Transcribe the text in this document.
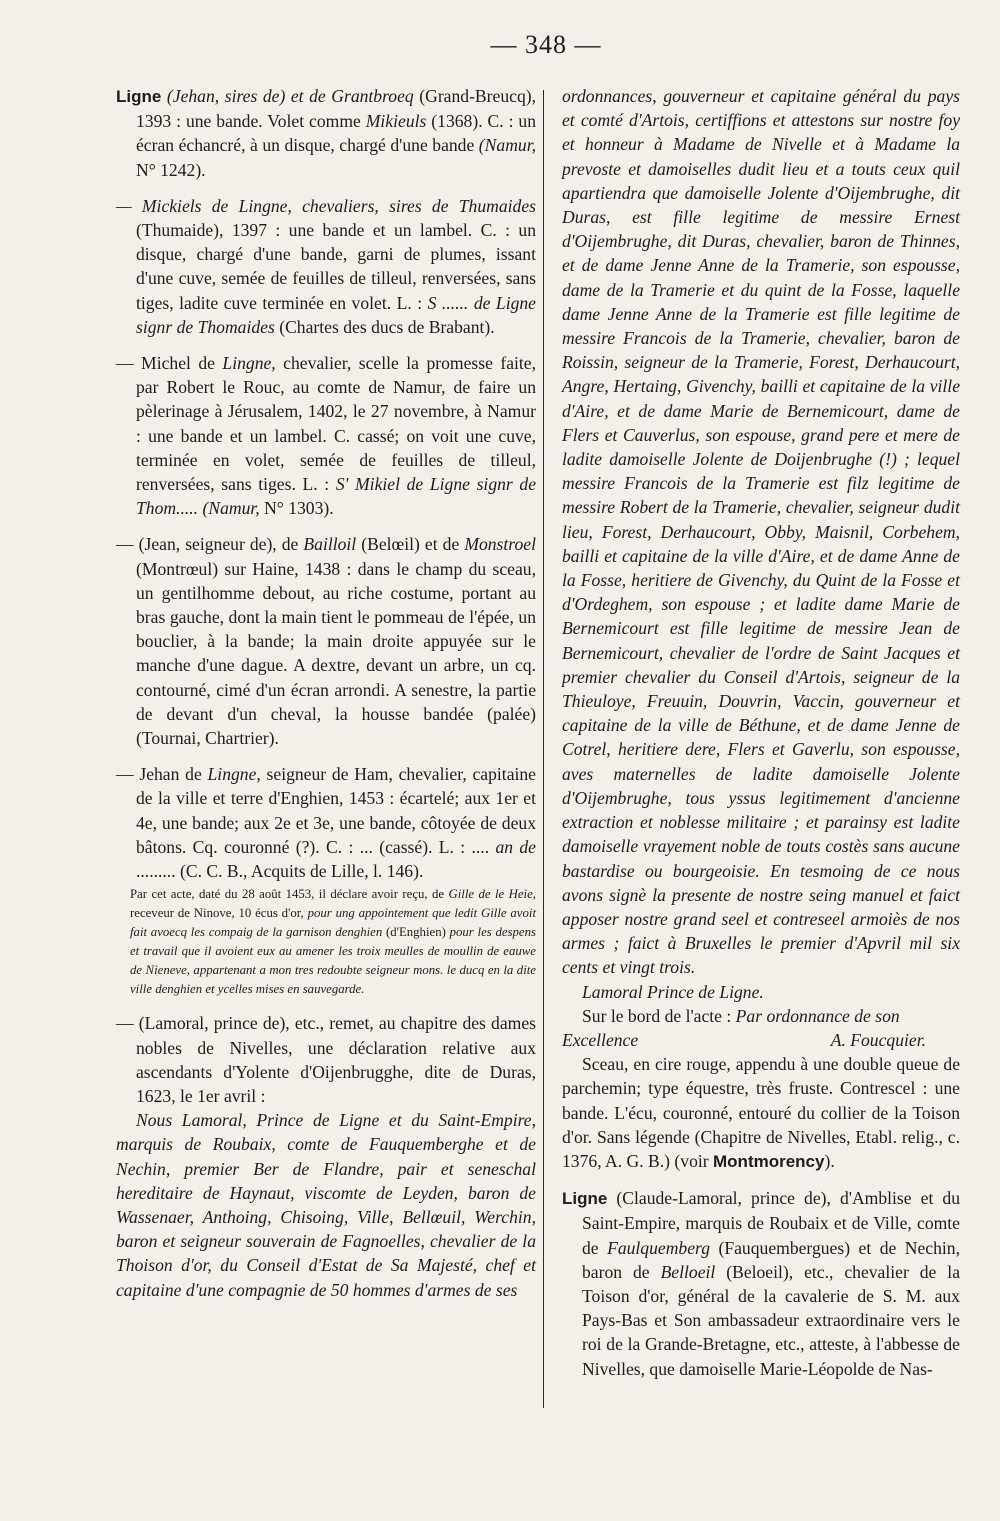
— 348 —

Ligne (Jehan, sires de) et de Grantbroeq (Grand-Breucq), 1393 : une bande. Volet comme Mikieuls (1368). C. : un écran échancré, à un disque, chargé d'une bande (Namur, N° 1242).

— Mickiels de Lingne, chevaliers, sires de Thumaides (Thumaide), 1397 : une bande et un lambel. C. : un disque, chargé d'une bande, garni de plumes, issant d'une cuve, semée de feuilles de tilleul, renversées, sans tiges, ladite cuve terminée en volet. L. : S ...... de Ligne signr de Thomaides (Chartes des ducs de Brabant).

— Michel de Lingne, chevalier, scelle la promesse faite, par Robert le Rouc, au comte de Namur, de faire un pèlerinage à Jérusalem, 1402, le 27 novembre, à Namur : une bande et un lambel. C. cassé; on voit une cuve, terminée en volet, semée de feuilles de tilleul, renversées, sans tiges. L. : S' Mikiel de Ligne signr de Thom..... (Namur, N° 1303).

— (Jean, seigneur de), de Bailloil (Belœil) et de Monstroel (Montrœul) sur Haine, 1438 : dans le champ du sceau, un gentilhomme debout, au riche costume, portant au bras gauche, dont la main tient le pommeau de l'épée, un bouclier, à la bande; la main droite appuyée sur le manche d'une dague. A dextre, devant un arbre, un cq. contourné, cimé d'un écran arrondi. A senestre, la partie de devant d'un cheval, la housse bandée (palée) (Tournai, Chartrier).

— Jehan de Lingne, seigneur de Ham, chevalier, capitaine de la ville et terre d'Enghien, 1453 : écartelé; aux 1er et 4e, une bande; aux 2e et 3e, une bande, côtoyée de deux bâtons. Cq. couronné (?). C. : ... (cassé). L. : .... an de ......... (C. C. B., Acquits de Lille, l. 146).

Par cet acte, daté du 28 août 1453, il déclare avoir reçu, de Gille de le Heie, receveur de Ninove, 10 écus d'or, pour ung appointement que ledit Gille avoit fait avoecq les compaig de la garnison denghien (d'Enghien) pour les despens et travail que il avoient eux au amener les troix meulles de moullin de eauwe de Nieneve, appartenant a mon tres redoubte seigneur mons. le ducq en la dite ville denghien et ycelles mises en sauvegarde.

— (Lamoral, prince de), etc., remet, au chapitre des dames nobles de Nivelles, une déclaration relative aux ascendants d'Yolente d'Oijenbrugghe, dite de Duras, 1623, le 1er avril :

Nous Lamoral, Prince de Ligne et du Saint-Empire, marquis de Roubaix, comte de Fauquemberghe et de Nechin, premier Ber de Flandre, pair et seneschal hereditaire de Haynaut, viscomte de Leyden, baron de Wassenaer, Anthoing, Chisoing, Ville, Bellœuil, Werchin, baron et seigneur souverain de Fagnoelles, chevalier de la Thoison d'or, du Conseil d'Estat de Sa Majesté, chef et capitaine d'une compagnie de 50 hommes d'armes de ses

ordonnances, gouverneur et capitaine général du pays et comté d'Artois, certiffions et attestons sur nostre foy et honneur à Madame de Nivelle et à Madame la prevoste et damoiselles dudit lieu et a touts ceux quil apartiendra que damoiselle Jolente d'Oijembrughe, dit Duras, est fille legitime de messire Ernest d'Oijembrughe, dit Duras, chevalier, baron de Thinnes, et de dame Jenne Anne de la Tramerie, son espousse, dame de la Tramerie et du quint de la Fosse, laquelle dame Jenne Anne de la Tramerie est fille legitime de messire Francois de la Tramerie, chevalier, baron de Roissin, seigneur de la Tramerie, Forest, Derhaucourt, Angre, Hertaing, Givenchy, bailli et capitaine de la ville d'Aire, et de dame Marie de Bernemicourt, dame de Flers et Cauverlus, son espouse, grand pere et mere de ladite damoiselle Jolente de Doijenbrughe (!) ; lequel messire Francois de la Tramerie est filz legitime de messire Robert de la Tramerie, chevalier, seigneur dudit lieu, Forest, Derhaucourt, Obby, Maisnil, Corbehem, bailli et capitaine de la ville d'Aire, et de dame Anne de la Fosse, heritiere de Givenchy, du Quint de la Fosse et d'Ordeghem, son espouse ; et ladite dame Marie de Bernemicourt est fille legitime de messire Jean de Bernemicourt, chevalier de l'ordre de Saint Jacques et premier chevalier du Conseil d'Artois, seigneur de la Thieuloye, Freuuin, Douvrin, Vaccin, gouverneur et capitaine de la ville de Béthune, et de dame Jenne de Cotrel, heritiere dere, Flers et Gaverlu, son espousse, aves maternelles de ladite damoiselle Jolente d'Oijembrughe, tous yssus legitimement d'ancienne extraction et noblesse militaire ; et parainsy est ladite damoiselle vrayement noble de touts costès sans aucune bastardise ou bourgeoisie. En tesmoing de ce nous avons signè la presente de nostre seing manuel et faict apposer nostre grand seel et contreseel armoiès de nos armes ; faict à Bruxelles le premier d'Apvril mil six cents et vingt trois.

Lamoral Prince de Ligne.

Sur le bord de l'acte : Par ordonnance de son
Excellence	A. Foucquier.

Sceau, en cire rouge, appendu à une double queue de parchemin; type équestre, très fruste. Contrescel : une bande. L'écu, couronné, entouré du collier de la Toison d'or. Sans légende (Chapitre de Nivelles, Etabl. relig., c. 1376, A. G. B.) (voir Montmorency).

Ligne (Claude-Lamoral, prince de), d'Amblise et du Saint-Empire, marquis de Roubaix et de Ville, comte de Faulquemberg (Fauquembergues) et de Nechin, baron de Belloeil (Beloeil), etc., chevalier de la Toison d'or, général de la cavalerie de S. M. aux Pays-Bas et Son ambassadeur extraordinaire vers le roi de la Grande-Bretagne, etc., atteste, à l'abbesse de Nivelles, que damoiselle Marie-Léopolde de Nas-
